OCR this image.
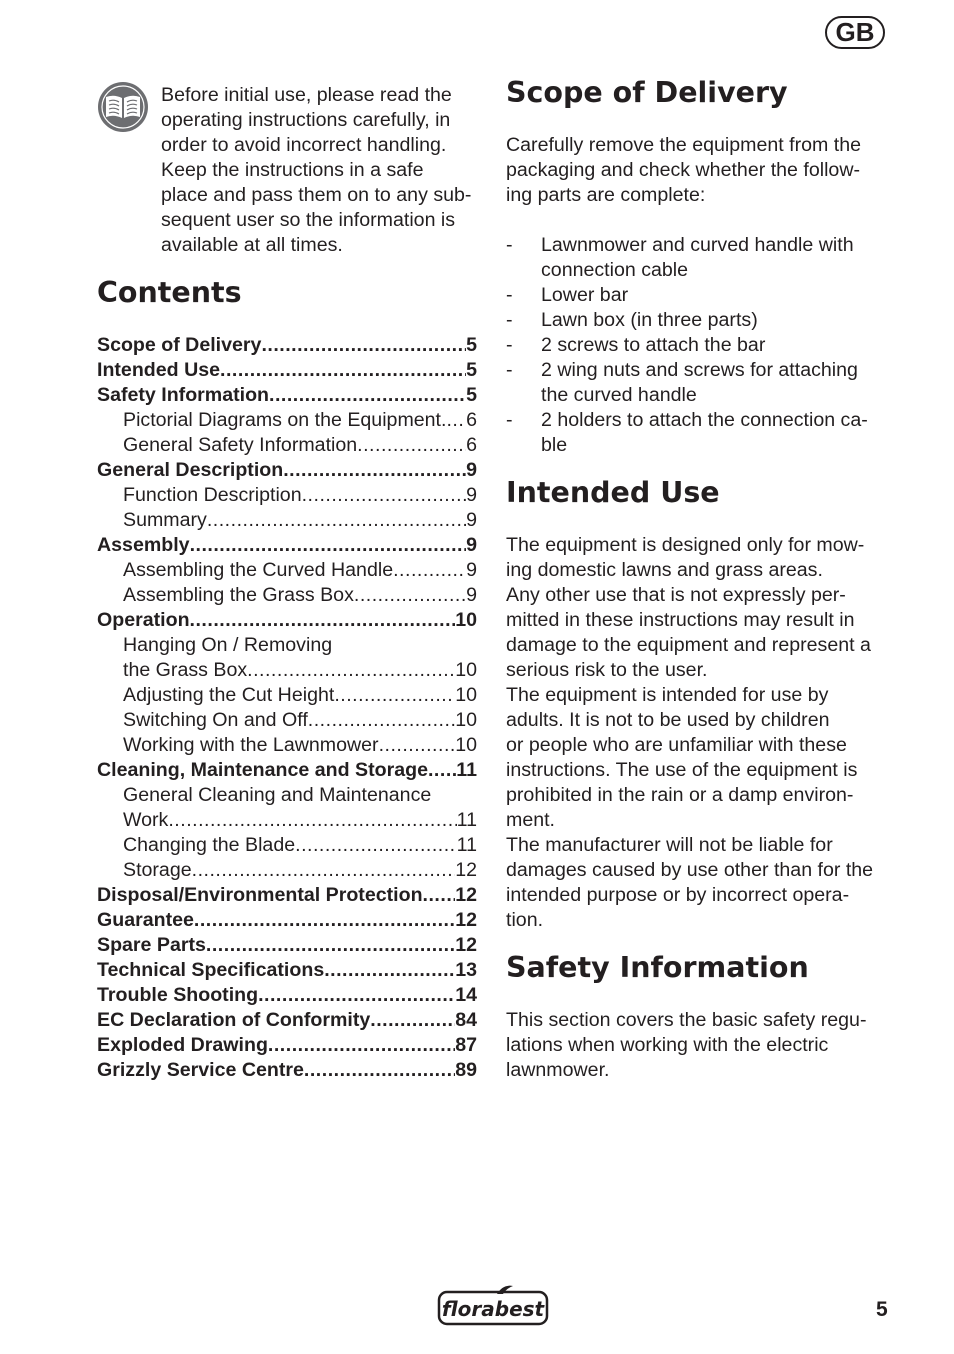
GB
Before initial use, please read the
operating instructions carefully, in
order to avoid incorrect handling.
Keep the instructions in a safe
place and pass them on to any sub-
sequent user so the information is
available at all times.
Contents
Scope of Delivery .....	5
Intended Use .....	5
Safety Information .....	5
Pictorial Diagrams on the Equipment. ..... 6
General Safety Information .....	6
General Description .....	9
Function Description .....	9
Summary .....	9
Assembly .....	9
Assembling the Curved Handle .....	9
Assembling the Grass Box .....	9
Operation .....	10
Hanging On / Removing
the Grass Box .....	10
Adjusting the Cut Height .....	10
Switching On and Off .....	10
Working with the Lawnmower .....	10
Cleaning, Maintenance and Storage ..... 11
General Cleaning and Maintenance
Work .....	11
Changing the Blade .....	11
Storage .....	12
Disposal/Environmental Protection ..... 12
Guarantee .....	12
Spare Parts .....	12
Technical Specifications .....	13
Trouble Shooting .....	14
EC Declaration of Conformity .....	84
Exploded Drawing .....	87
Grizzly Service Centre .....	89
Scope of Delivery
Carefully remove the equipment from the
packaging and check whether the follow-
ing parts are complete:
-	Lawnmower and curved handle with
connection cable
-	Lower bar
-	Lawn box (in three parts)
-	2 screws to attach the bar
-	2 wing nuts and screws for attaching
the curved handle
-	2 holders to attach the connection ca-
ble
Intended Use
The equipment is designed only for mow-
ing domestic lawns and grass areas.
Any other use that is not expressly per-
mitted in these instructions may result in
damage to the equipment and represent a
serious risk to the user.
The equipment is intended for use by
adults. It is not to be used by children
or people who are unfamiliar with these
instructions. The use of the equipment is
prohibited in the rain or a damp environ-
ment.
The manufacturer will not be liable for
damages caused by use other than for the
intended purpose or by incorrect opera-
tion.
Safety Information
This section covers the basic safety regu-
lations when working with the electric
lawnmower.
florabest	5
